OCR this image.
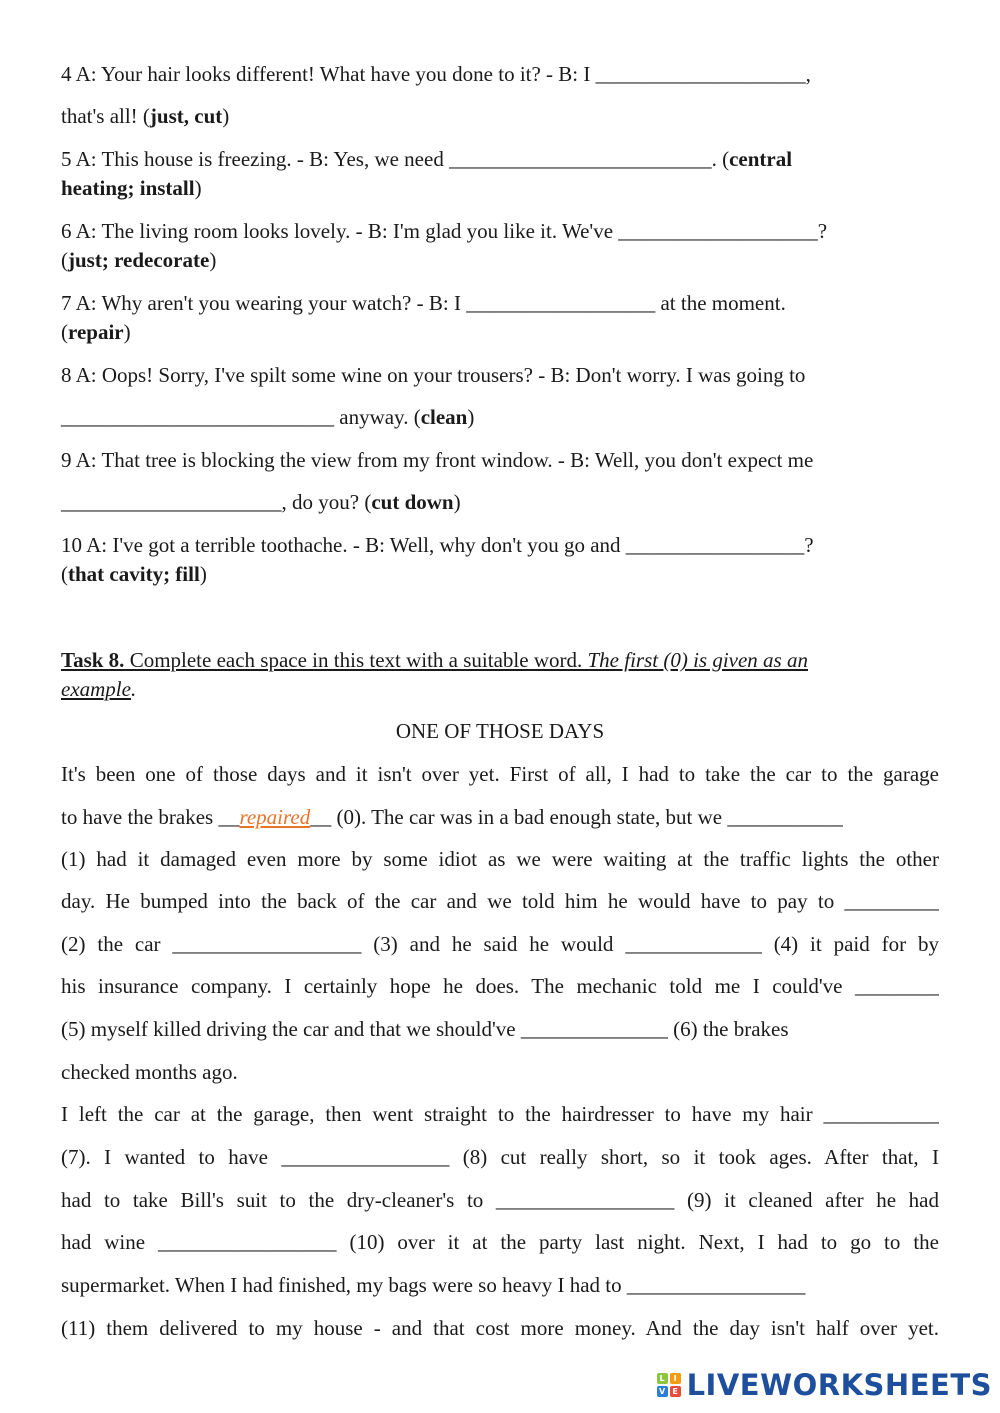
4 A: Your hair looks different! What have you done to it? - B: I ____________________,
that's all! (just, cut)
5 A: This house is freezing. - B: Yes, we need _________________________. (central
heating; install)
6 A: The living room looks lovely. - B: I'm glad you like it. We've ___________________?
(just; redecorate)
7 A: Why aren't you wearing your watch? - B: I __________________ at the moment.
(repair)
8 A: Oops! Sorry, I've spilt some wine on your trousers? - B: Don't worry. I was going to
__________________________ anyway. (clean)
9 A: That tree is blocking the view from my front window. - B: Well, you don't expect me
_____________________, do you? (cut down)
10 A: I've got a terrible toothache. - B: Well, why don't you go and _________________?
(that cavity; fill)
Task 8. Complete each space in this text with a suitable word. The first (0) is given as an
example.
ONE OF THOSE DAYS
It's been one of those days and it isn't over yet. First of all, I had to take the car to the garage
to have the brakes __repaired__ (0). The car was in a bad enough state, but we ___________
(1) had it damaged even more by some idiot as we were waiting at the traffic lights the other
day. He bumped into the back of the car and we told him he would have to pay to _________
(2) the car __________________ (3) and he said he would _____________ (4) it paid for by
his insurance company. I certainly hope he does. The mechanic told me I could've ________
(5) myself killed driving the car and that we should've ______________ (6) the brakes
checked months ago.
I left the car at the garage, then went straight to the hairdresser to have my hair ___________
(7). I wanted to have ________________ (8) cut really short, so it took ages. After that, I
had to take Bill's suit to the dry-cleaner's to _________________ (9) it cleaned after he had
had wine _________________ (10) over it at the party last night. Next, I had to go to the
supermarket. When I had finished, my bags were so heavy I had to _________________
(11) them delivered to my house - and that cost more money. And the day isn't half over yet.
L	I
V E LIVEWORKSHEETS
